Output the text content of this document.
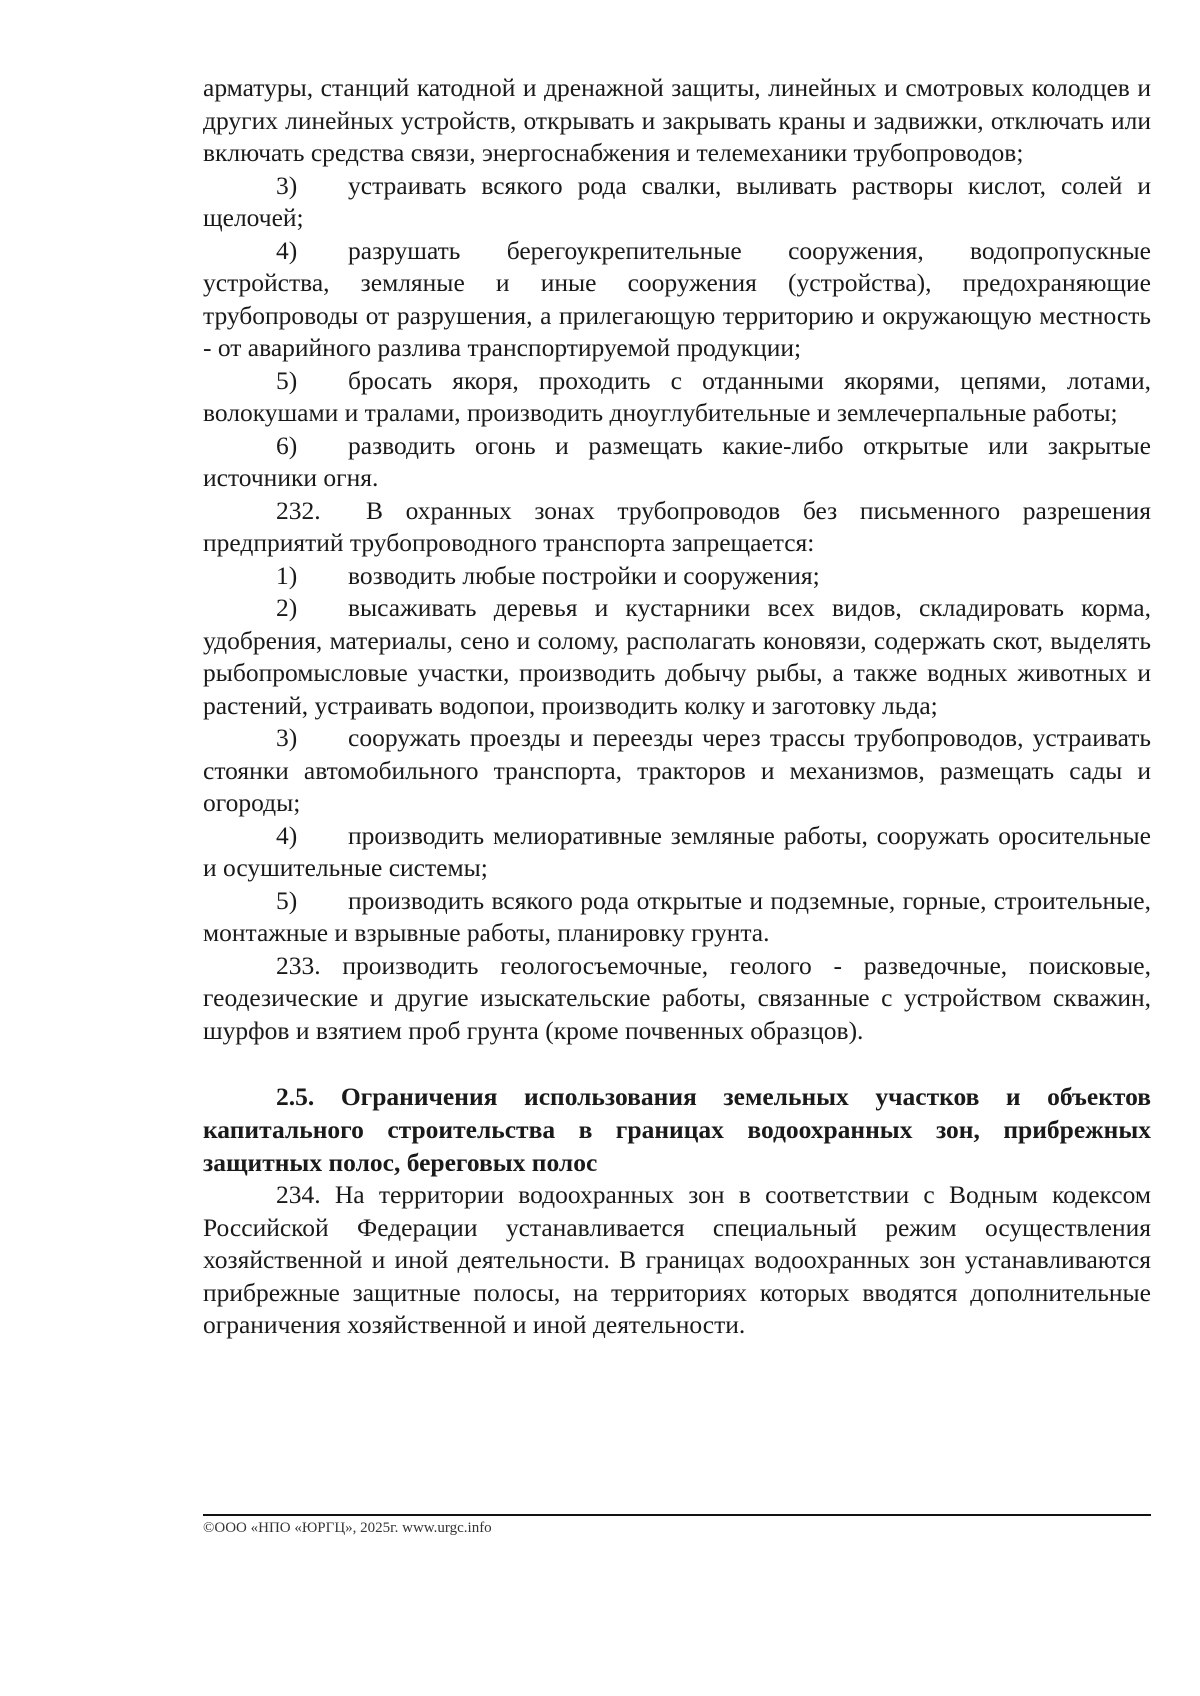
арматуры, станций катодной и дренажной защиты, линейных и смотровых колодцев и других линейных устройств, открывать и закрывать краны и задвижки, отключать или включать средства связи, энергоснабжения и телемеханики трубопроводов;

3) устраивать всякого рода свалки, выливать растворы кислот, солей и щелочей;

4) разрушать берегоукрепительные сооружения, водопропускные устройства, земляные и иные сооружения (устройства), предохраняющие трубопроводы от разрушения, а прилегающую территорию и окружающую местность - от аварийного разлива транспортируемой продукции;

5) бросать якоря, проходить с отданными якорями, цепями, лотами, волокушами и тралами, производить дноуглубительные и землечерпальные работы;

6) разводить огонь и размещать какие-либо открытые или закрытые источники огня.

232. В охранных зонах трубопроводов без письменного разрешения предприятий трубопроводного транспорта запрещается:

1) возводить любые постройки и сооружения;

2) высаживать деревья и кустарники всех видов, складировать корма, удобрения, материалы, сено и солому, располагать коновязи, содержать скот, выделять рыбопромысловые участки, производить добычу рыбы, а также водных животных и растений, устраивать водопои, производить колку и заготовку льда;

3) сооружать проезды и переезды через трассы трубопроводов, устраивать стоянки автомобильного транспорта, тракторов и механизмов, размещать сады и огороды;

4) производить мелиоративные земляные работы, сооружать оросительные и осушительные системы;

5) производить всякого рода открытые и подземные, горные, строительные, монтажные и взрывные работы, планировку грунта.

233. производить геологосъемочные, геолого - разведочные, поисковые, геодезические и другие изыскательские работы, связанные с устройством скважин, шурфов и взятием проб грунта (кроме почвенных образцов).

2.5. Ограничения использования земельных участков и объектов капитального строительства в границах водоохранных зон, прибрежных защитных полос, береговых полос

234. На территории водоохранных зон в соответствии с Водным кодексом Российской Федерации устанавливается специальный режим осуществления хозяйственной и иной деятельности. В границах водоохранных зон устанавливаются прибрежные защитные полосы, на территориях которых вводятся дополнительные ограничения хозяйственной и иной деятельности.

©ООО «НПО «ЮРГЦ», 2025г. www.urgc.info
